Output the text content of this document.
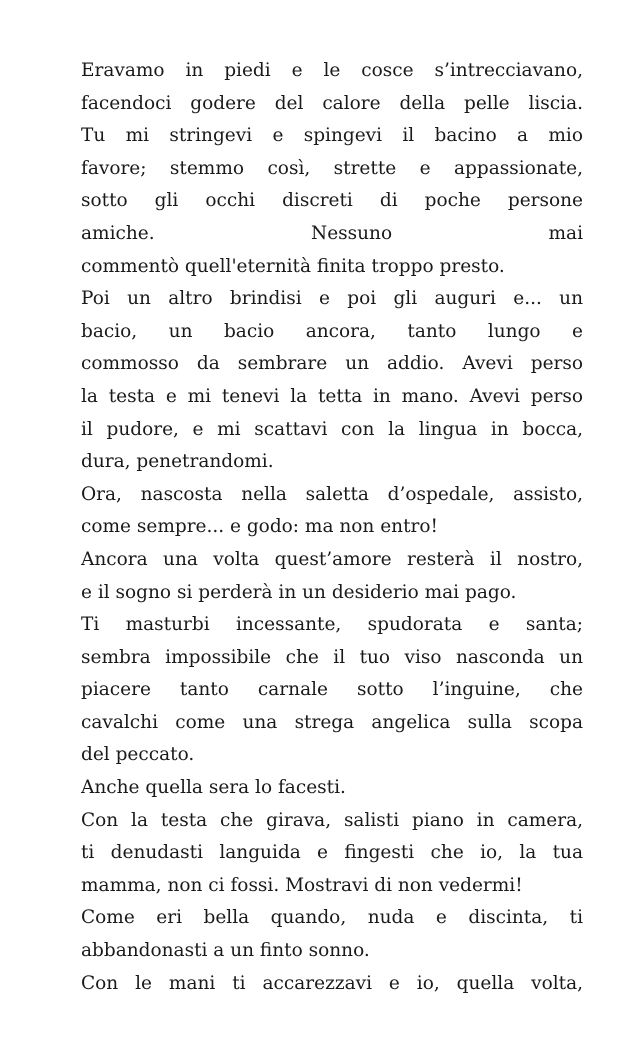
Eravamo in piedi e le cosce s’intrecciavano,
facendoci godere del calore della pelle liscia.
Tu mi stringevi e spingevi il bacino a mio
favore; stemmo così, strette e appassionate,
sotto gli occhi discreti di poche persone
amiche. Nessuno mai
commentò quell'eternità finita troppo presto.
Poi un altro brindisi e poi gli auguri e... un
bacio, un bacio ancora, tanto lungo e
commosso da sembrare un addio. Avevi perso
la testa e mi tenevi la tetta in mano. Avevi perso
il pudore, e mi scattavi con la lingua in bocca,
dura, penetrandomi.
Ora, nascosta nella saletta d’ospedale, assisto,
come sempre... e godo: ma non entro!
Ancora una volta quest’amore resterà il nostro,
e il sogno si perderà in un desiderio mai pago.
Ti masturbi incessante, spudorata e santa;
sembra impossibile che il tuo viso nasconda un
piacere tanto carnale sotto l’inguine, che
cavalchi come una strega angelica sulla scopa
del peccato.
Anche quella sera lo facesti.
Con la testa che girava, salisti piano in camera,
ti denudasti languida e fingesti che io, la tua
mamma, non ci fossi. Mostravi di non vedermi!
Come eri bella quando, nuda e discinta, ti
abbandonasti a un finto sonno.
Con le mani ti accarezzavi e io, quella volta,
